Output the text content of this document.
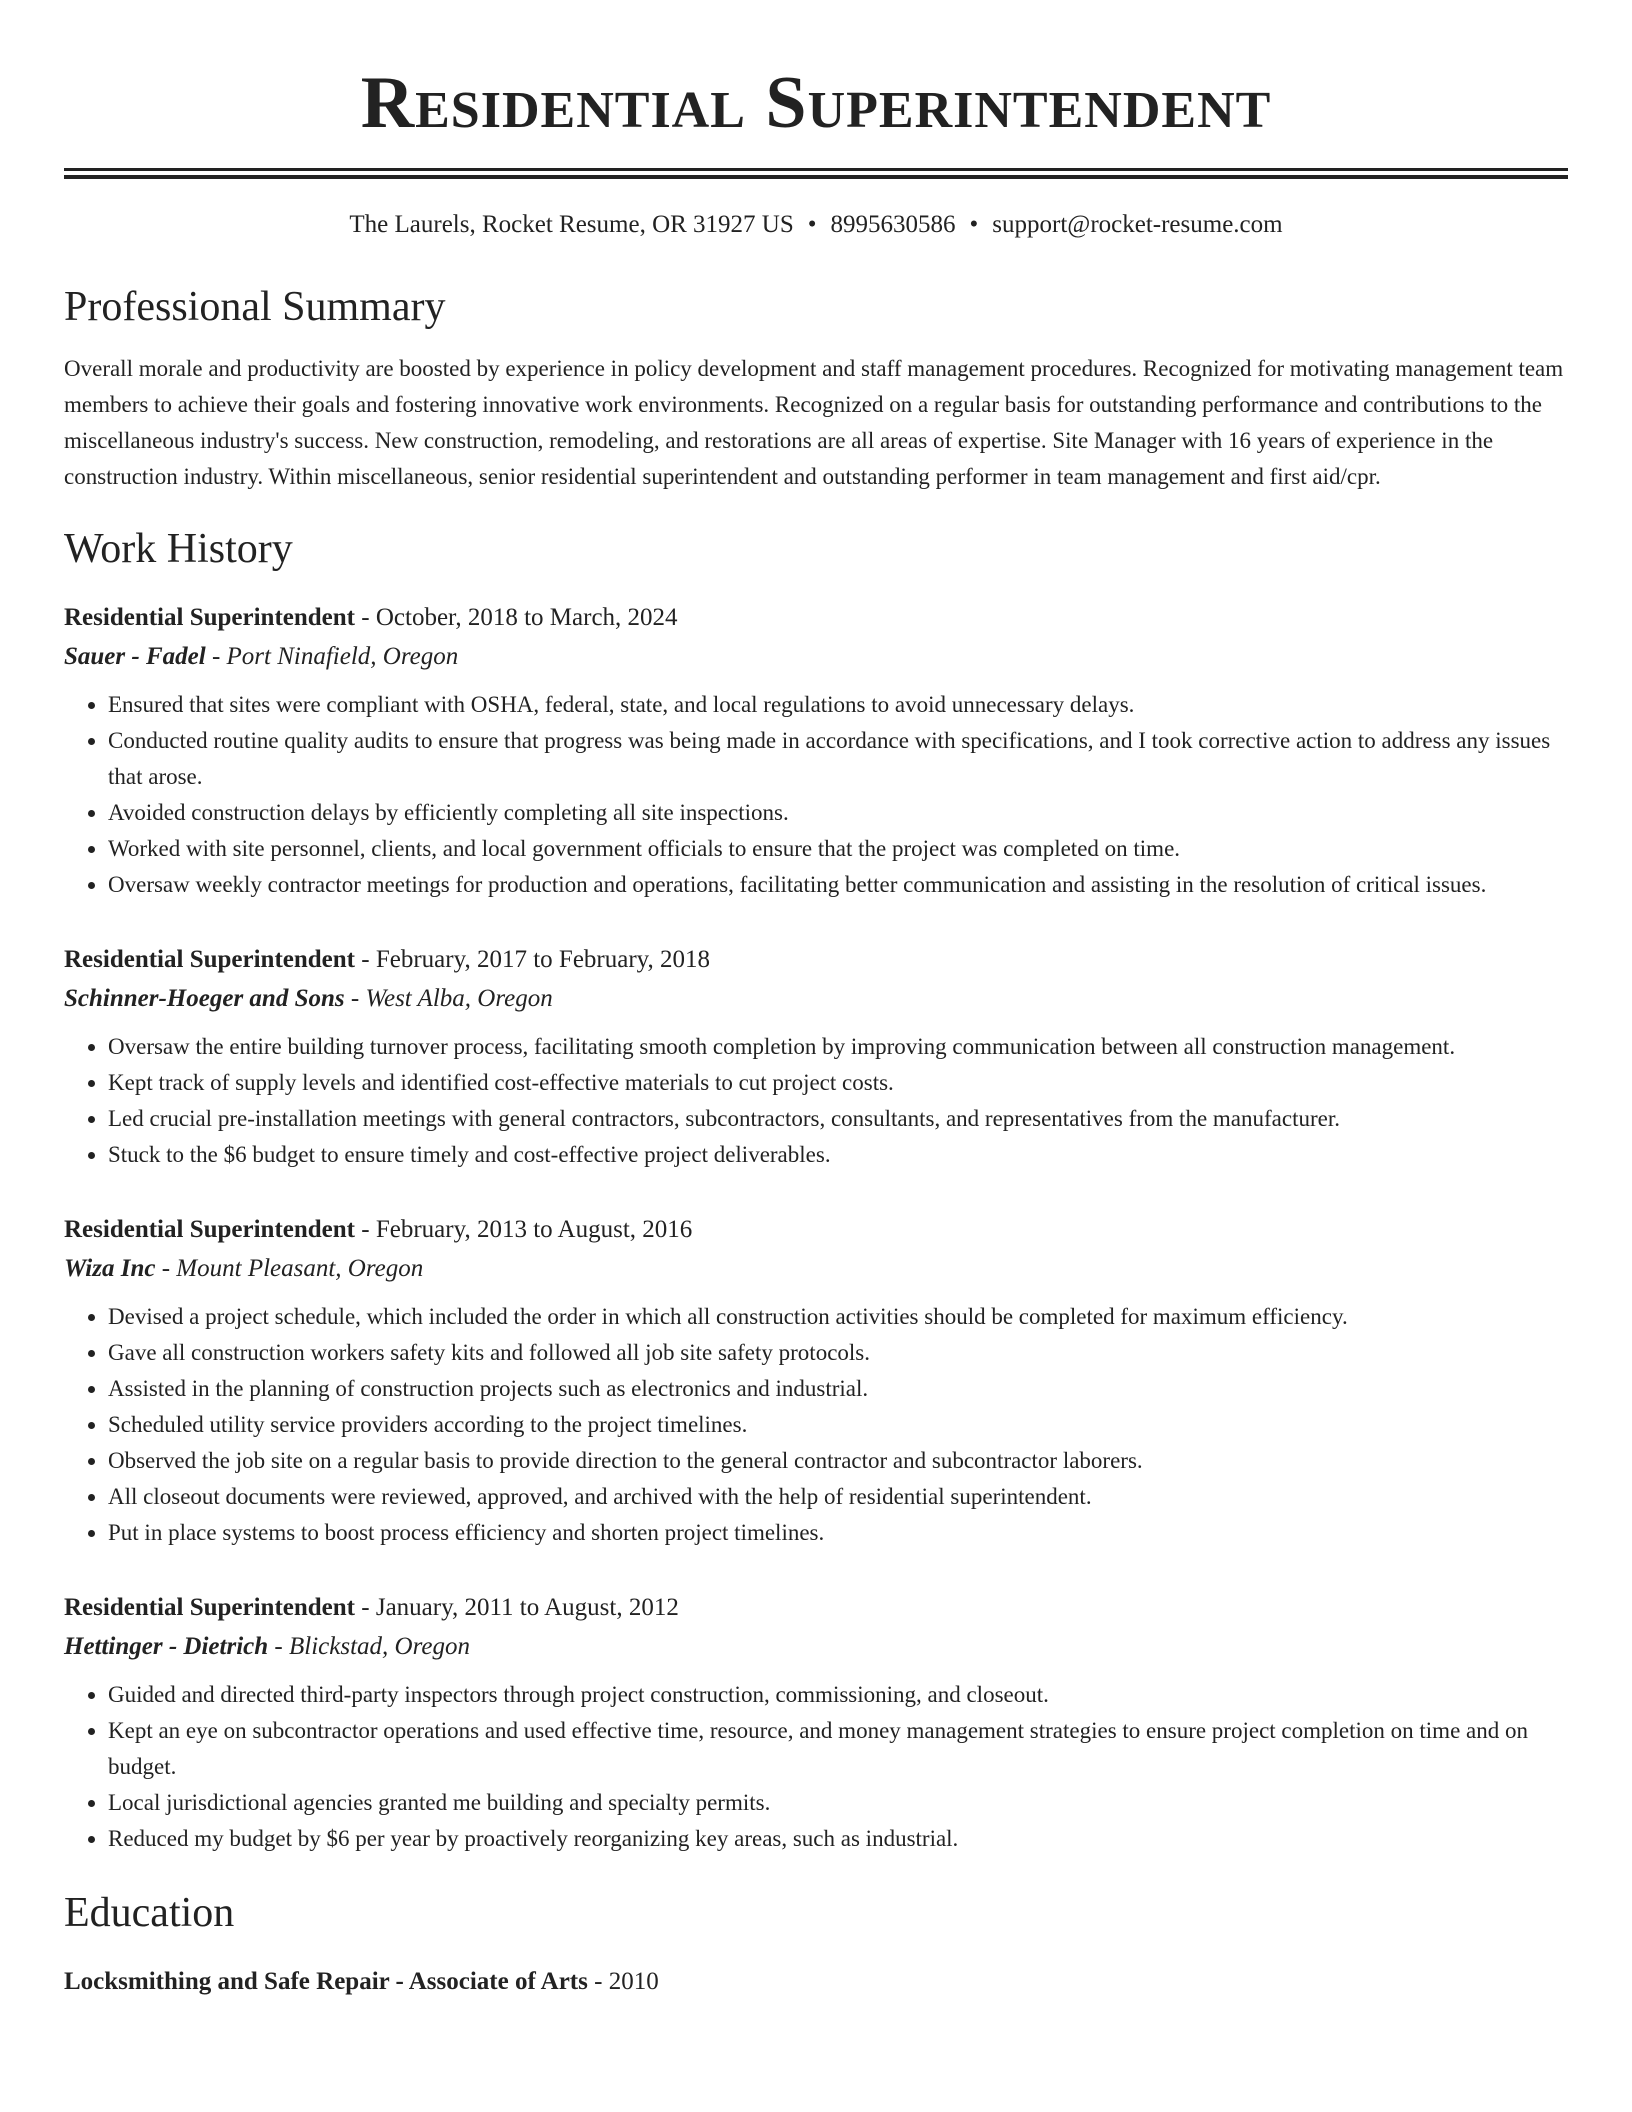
Residential Superintendent
The Laurels, Rocket Resume, OR 31927 US • 8995630586 • support@rocket-resume.com
Professional Summary
Overall morale and productivity are boosted by experience in policy development and staff management procedures. Recognized for motivating management team members to achieve their goals and fostering innovative work environments. Recognized on a regular basis for outstanding performance and contributions to the miscellaneous industry's success. New construction, remodeling, and restorations are all areas of expertise. Site Manager with 16 years of experience in the construction industry. Within miscellaneous, senior residential superintendent and outstanding performer in team management and first aid/cpr.
Work History
Residential Superintendent - October, 2018 to March, 2024
Sauer - Fadel - Port Ninafield, Oregon
• Ensured that sites were compliant with OSHA, federal, state, and local regulations to avoid unnecessary delays.
• Conducted routine quality audits to ensure that progress was being made in accordance with specifications, and I took corrective action to address any issues that arose.
• Avoided construction delays by efficiently completing all site inspections.
• Worked with site personnel, clients, and local government officials to ensure that the project was completed on time.
• Oversaw weekly contractor meetings for production and operations, facilitating better communication and assisting in the resolution of critical issues.
Residential Superintendent - February, 2017 to February, 2018
Schinner-Hoeger and Sons - West Alba, Oregon
• Oversaw the entire building turnover process, facilitating smooth completion by improving communication between all construction management.
• Kept track of supply levels and identified cost-effective materials to cut project costs.
• Led crucial pre-installation meetings with general contractors, subcontractors, consultants, and representatives from the manufacturer.
• Stuck to the $6 budget to ensure timely and cost-effective project deliverables.
Residential Superintendent - February, 2013 to August, 2016
Wiza Inc - Mount Pleasant, Oregon
• Devised a project schedule, which included the order in which all construction activities should be completed for maximum efficiency.
• Gave all construction workers safety kits and followed all job site safety protocols.
• Assisted in the planning of construction projects such as electronics and industrial.
• Scheduled utility service providers according to the project timelines.
• Observed the job site on a regular basis to provide direction to the general contractor and subcontractor laborers.
• All closeout documents were reviewed, approved, and archived with the help of residential superintendent.
• Put in place systems to boost process efficiency and shorten project timelines.
Residential Superintendent - January, 2011 to August, 2012
Hettinger - Dietrich - Blickstad, Oregon
• Guided and directed third-party inspectors through project construction, commissioning, and closeout.
• Kept an eye on subcontractor operations and used effective time, resource, and money management strategies to ensure project completion on time and on budget.
• Local jurisdictional agencies granted me building and specialty permits.
• Reduced my budget by $6 per year by proactively reorganizing key areas, such as industrial.
Education
Locksmithing and Safe Repair - Associate of Arts - 2010
